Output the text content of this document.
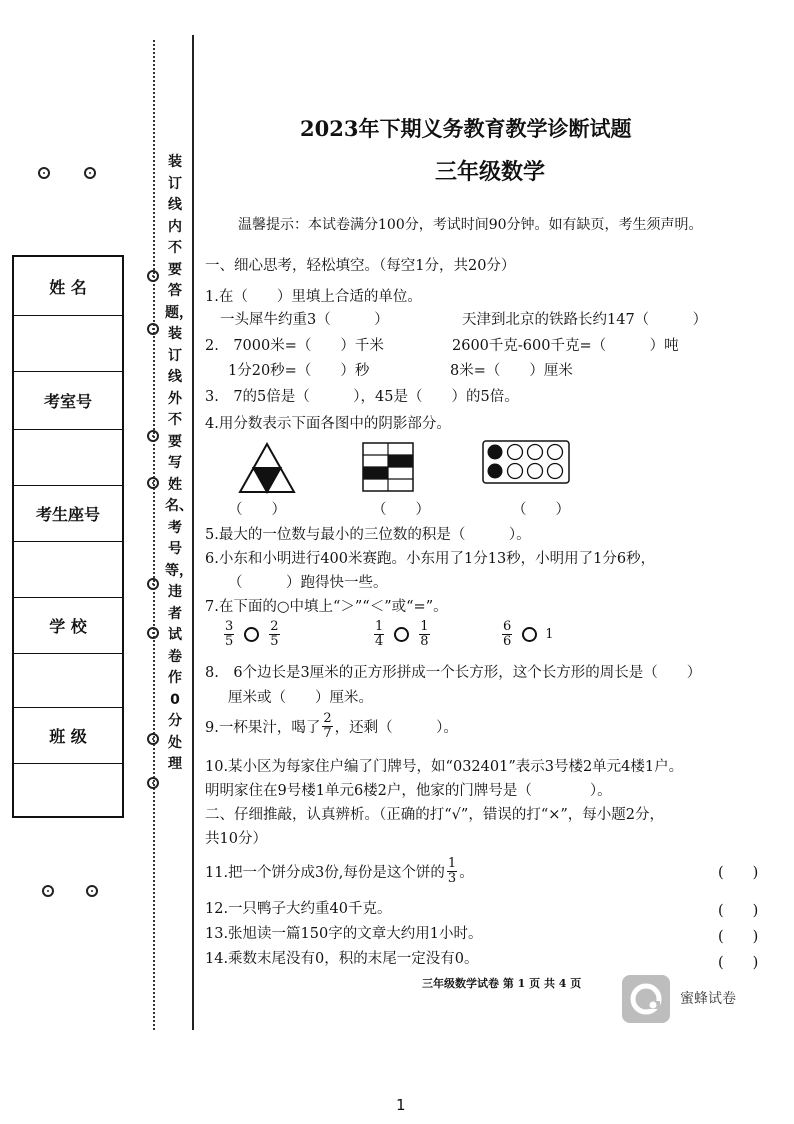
姓 名
考室号
考生座号
学 校
班 级
装订线内不要答题，装订线外不要写姓名、考号等，违者试卷作0分处理
2023年下期义务教育教学诊断试题
三年级数学
温馨提示：本试卷满分100分，考试时间90分钟。如有缺页，考生须声明。
一、细心思考，轻松填空。（每空1分，共20分）
1.在（　　）里填上合适的单位。
一头犀牛约重3（　　　）	天津到北京的铁路长约147（　　　）
2.　7000米=（　　）千米	2600千克-600千克=（　　　）吨
1分20秒=（　　）秒	8米=（　　）厘米
3.　7的5倍是（　　　），45是（　　）的5倍。
4.用分数表示下面各图中的阴影部分。
（　　）	（　　）	（　　）
5.最大的一位数与最小的三位数的积是（　　　）。
6.小东和小明进行400米赛跑。小东用了1分13秒，小明用了1分6秒，
（　　　）跑得快一些。
7.在下面的○中填上“＞”“＜”或“=”。
$\frac{3}{5}$	$\frac{2}{5}$	$\frac{1}{4}$	$\frac{1}{8}$	$\frac{6}{6}$	1
8.　6个边长是3厘米的正方形拼成一个长方形，这个长方形的周长是（　　）
厘米或（　　）厘米。
9.一杯果汁，喝了 $\frac{2}{7}$ ，还剩（　　　）。
10.某小区为每家住户编了门牌号，如“032401”表示3号楼2单元4楼1户。
明明家住在9号楼1单元6楼2户，他家的门牌号是（　　　　）。
二、仔细推敲，认真辨析。（正确的打“√”，错误的打“×”，每小题2分，
共10分）
11.把一个饼分成3份,每份是这个饼的 $\frac{1}{3}$ 。	(　　)
12.一只鸭子大约重40千克。	(　　)
13.张旭读一篇150字的文章大约用1小时。	(　　)
14.乘数末尾没有0，积的末尾一定没有0。	(　　)
三年级数学试卷 第 1 页 共 4 页
蜜蜂试卷
1
